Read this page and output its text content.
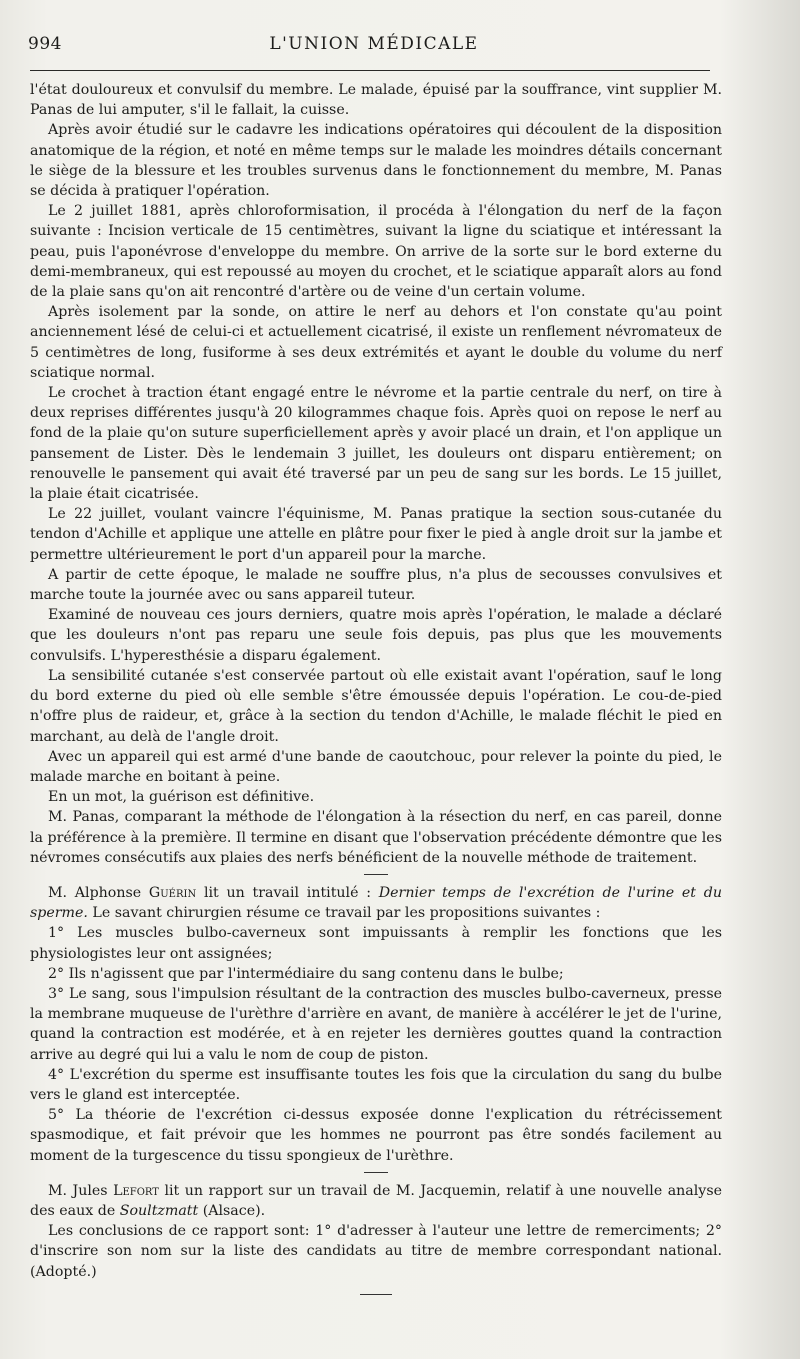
994	L'UNION MÉDICALE

l'état douloureux et convulsif du membre. Le malade, épuisé par la souffrance, vint supplier M. Panas de lui amputer, s'il le fallait, la cuisse.

Après avoir étudié sur le cadavre les indications opératoires qui découlent de la disposition anatomique de la région, et noté en même temps sur le malade les moindres détails concernant le siège de la blessure et les troubles survenus dans le fonctionnement du membre, M. Panas se décida à pratiquer l'opération.

Le 2 juillet 1881, après chloroformisation, il procéda à l'élongation du nerf de la façon suivante : Incision verticale de 15 centimètres, suivant la ligne du sciatique et intéressant la peau, puis l'aponévrose d'enveloppe du membre. On arrive de la sorte sur le bord externe du demi-membraneux, qui est repoussé au moyen du crochet, et le sciatique apparaît alors au fond de la plaie sans qu'on ait rencontré d'artère ou de veine d'un certain volume.

Après isolement par la sonde, on attire le nerf au dehors et l'on constate qu'au point anciennement lésé de celui-ci et actuellement cicatrisé, il existe un renflement névromateux de 5 centimètres de long, fusiforme à ses deux extrémités et ayant le double du volume du nerf sciatique normal.

Le crochet à traction étant engagé entre le névrome et la partie centrale du nerf, on tire à deux reprises différentes jusqu'à 20 kilogrammes chaque fois. Après quoi on repose le nerf au fond de la plaie qu'on suture superficiellement après y avoir placé un drain, et l'on applique un pansement de Lister. Dès le lendemain 3 juillet, les douleurs ont disparu entièrement; on renouvelle le pansement qui avait été traversé par un peu de sang sur les bords. Le 15 juillet, la plaie était cicatrisée.

Le 22 juillet, voulant vaincre l'équinisme, M. Panas pratique la section sous-cutanée du tendon d'Achille et applique une attelle en plâtre pour fixer le pied à angle droit sur la jambe et permettre ultérieurement le port d'un appareil pour la marche.

A partir de cette époque, le malade ne souffre plus, n'a plus de secousses convulsives et marche toute la journée avec ou sans appareil tuteur.

Examiné de nouveau ces jours derniers, quatre mois après l'opération, le malade a déclaré que les douleurs n'ont pas reparu une seule fois depuis, pas plus que les mouvements convulsifs. L'hyperesthésie a disparu également.

La sensibilité cutanée s'est conservée partout où elle existait avant l'opération, sauf le long du bord externe du pied où elle semble s'être émoussée depuis l'opération. Le cou-de-pied n'offre plus de raideur, et, grâce à la section du tendon d'Achille, le malade fléchit le pied en marchant, au delà de l'angle droit.

Avec un appareil qui est armé d'une bande de caoutchouc, pour relever la pointe du pied, le malade marche en boitant à peine.

En un mot, la guérison est définitive.

M. Panas, comparant la méthode de l'élongation à la résection du nerf, en cas pareil, donne la préférence à la première. Il termine en disant que l'observation précédente démontre que les névromes consécutifs aux plaies des nerfs bénéficient de la nouvelle méthode de traitement.

M. Alphonse Guérin lit un travail intitulé : Dernier temps de l'excrétion de l'urine et du sperme. Le savant chirurgien résume ce travail par les propositions suivantes :

1° Les muscles bulbo-caverneux sont impuissants à remplir les fonctions que les physiologistes leur ont assignées;

2° Ils n'agissent que par l'intermédiaire du sang contenu dans le bulbe;

3° Le sang, sous l'impulsion résultant de la contraction des muscles bulbo-caverneux, presse la membrane muqueuse de l'urèthre d'arrière en avant, de manière à accélérer le jet de l'urine, quand la contraction est modérée, et à en rejeter les dernières gouttes quand la contraction arrive au degré qui lui a valu le nom de coup de piston.

4° L'excrétion du sperme est insuffisante toutes les fois que la circulation du sang du bulbe vers le gland est interceptée.

5° La théorie de l'excrétion ci-dessus exposée donne l'explication du rétrécissement spasmodique, et fait prévoir que les hommes ne pourront pas être sondés facilement au moment de la turgescence du tissu spongieux de l'urèthre.

M. Jules Lefort lit un rapport sur un travail de M. Jacquemin, relatif à une nouvelle analyse des eaux de Soultzmatt (Alsace).

Les conclusions de ce rapport sont: 1° d'adresser à l'auteur une lettre de remerciments; 2° d'inscrire son nom sur la liste des candidats au titre de membre correspondant national. (Adopté.)
